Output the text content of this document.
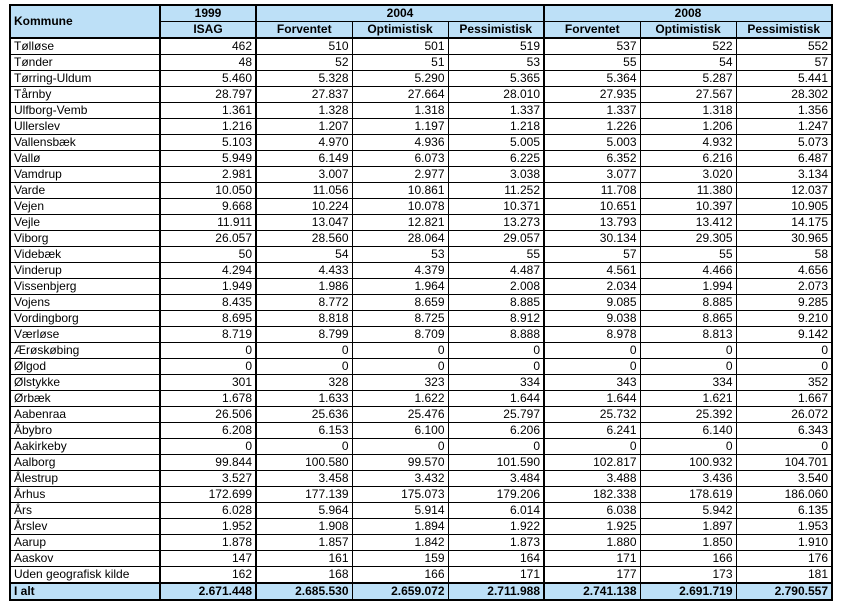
Kommune	1999	2004			2008		
	ISAG	Forventet	Optimistisk	Pessimistisk	Forventet	Optimistisk	Pessimistisk
Tølløse	462	510	501	519	537	522	552
Tønder	48	52	51	53	55	54	57
Tørring-Uldum	5.460	5.328	5.290	5.365	5.364	5.287	5.441
Tårnby	28.797	27.837	27.664	28.010	27.935	27.567	28.302
Ulfborg-Vemb	1.361	1.328	1.318	1.337	1.337	1.318	1.356
Ullerslev	1.216	1.207	1.197	1.218	1.226	1.206	1.247
Vallensbæk	5.103	4.970	4.936	5.005	5.003	4.932	5.073
Vallø	5.949	6.149	6.073	6.225	6.352	6.216	6.487
Vamdrup	2.981	3.007	2.977	3.038	3.077	3.020	3.134
Varde	10.050	11.056	10.861	11.252	11.708	11.380	12.037
Vejen	9.668	10.224	10.078	10.371	10.651	10.397	10.905
Vejle	11.911	13.047	12.821	13.273	13.793	13.412	14.175
Viborg	26.057	28.560	28.064	29.057	30.134	29.305	30.965
Videbæk	50	54	53	55	57	55	58
Vinderup	4.294	4.433	4.379	4.487	4.561	4.466	4.656
Vissenbjerg	1.949	1.986	1.964	2.008	2.034	1.994	2.073
Vojens	8.435	8.772	8.659	8.885	9.085	8.885	9.285
Vordingborg	8.695	8.818	8.725	8.912	9.038	8.865	9.210
Værløse	8.719	8.799	8.709	8.888	8.978	8.813	9.142
Ærøskøbing	0	0	0	0	0	0	0
Ølgod	0	0	0	0	0	0	0
Ølstykke	301	328	323	334	343	334	352
Ørbæk	1.678	1.633	1.622	1.644	1.644	1.621	1.667
Aabenraa	26.506	25.636	25.476	25.797	25.732	25.392	26.072
Åbybro	6.208	6.153	6.100	6.206	6.241	6.140	6.343
Aakirkeby	0	0	0	0	0	0	0
Aalborg	99.844	100.580	99.570	101.590	102.817	100.932	104.701
Ålestrup	3.527	3.458	3.432	3.484	3.488	3.436	3.540
Århus	172.699	177.139	175.073	179.206	182.338	178.619	186.060
Års	6.028	5.964	5.914	6.014	6.038	5.942	6.135
Årslev	1.952	1.908	1.894	1.922	1.925	1.897	1.953
Aarup	1.878	1.857	1.842	1.873	1.880	1.850	1.910
Aaskov	147	161	159	164	171	166	176
Uden geografisk kilde	162	168	166	171	177	173	181
I alt	2.671.448	2.685.530	2.659.072	2.711.988	2.741.138	2.691.719	2.790.557
